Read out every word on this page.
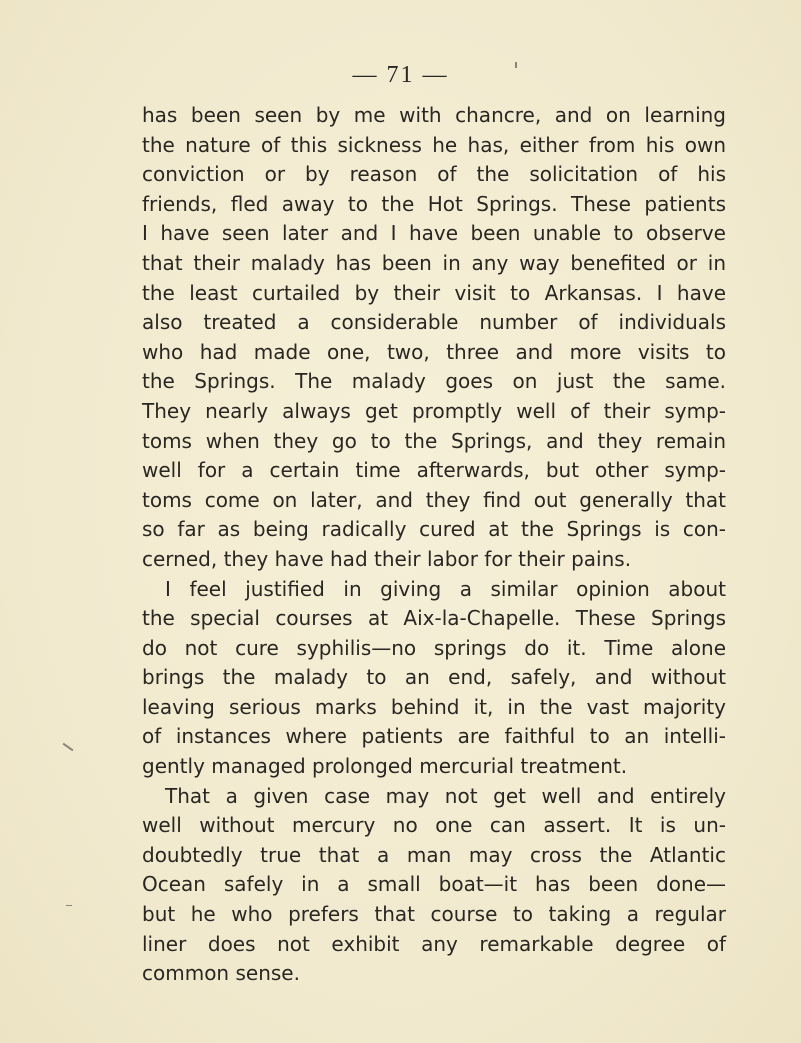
— 71 —
has been seen by me with chancre, and on learning
the nature of this sickness he has, either from his own
conviction or by reason of the solicitation of his
friends, fled away to the Hot Springs. These patients
I have seen later and I have been unable to observe
that their malady has been in any way benefited or in
the least curtailed by their visit to Arkansas. I have
also treated a considerable number of individuals
who had made one, two, three and more visits to
the Springs. The malady goes on just the same.
They nearly always get promptly well of their symp-
toms when they go to the Springs, and they remain
well for a certain time afterwards, but other symp-
toms come on later, and they find out generally that
so far as being radically cured at the Springs is con-
cerned, they have had their labor for their pains.
I feel justified in giving a similar opinion about
the special courses at Aix-la-Chapelle. These Springs
do not cure syphilis—no springs do it. Time alone
brings the malady to an end, safely, and without
leaving serious marks behind it, in the vast majority
of instances where patients are faithful to an intelli-
gently managed prolonged mercurial treatment.
That a given case may not get well and entirely
well without mercury no one can assert. It is un-
doubtedly true that a man may cross the Atlantic
Ocean safely in a small boat—it has been done—
but he who prefers that course to taking a regular
liner does not exhibit any remarkable degree of
common sense.
